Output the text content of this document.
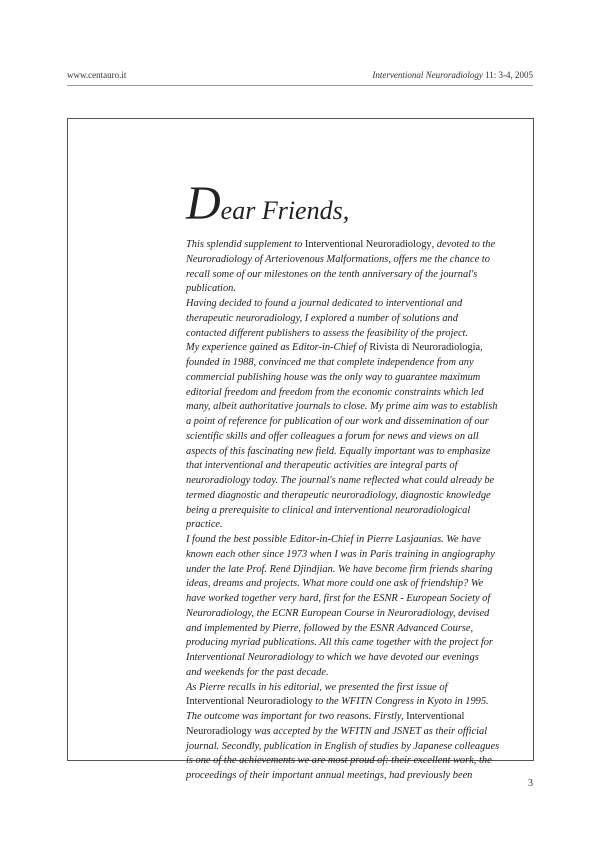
www.centauro.it	Interventional Neuroradiology 11: 3-4, 2005
Dear Friends,
This splendid supplement to Interventional Neuroradiology, devoted to the
Neuroradiology of Arteriovenous Malformations, offers me the chance to
recall some of our milestones on the tenth anniversary of the journal's
publication.
Having decided to found a journal dedicated to interventional and
therapeutic neuroradiology, I explored a number of solutions and
contacted different publishers to assess the feasibility of the project.
My experience gained as Editor-in-Chief of Rivista di Neuroradiologia,
founded in 1988, convinced me that complete independence from any
commercial publishing house was the only way to guarantee maximum
editorial freedom and freedom from the economic constraints which led
many, albeit authoritative journals to close. My prime aim was to establish
a point of reference for publication of our work and dissemination of our
scientific skills and offer colleagues a forum for news and views on all
aspects of this fascinating new field. Equally important was to emphasize
that interventional and therapeutic activities are integral parts of
neuroradiology today. The journal's name reflected what could already be
termed diagnostic and therapeutic neuroradiology, diagnostic knowledge
being a prerequisite to clinical and interventional neuroradiological
practice.
I found the best possible Editor-in-Chief in Pierre Lasjaunias. We have
known each other since 1973 when I was in Paris training in angiography
under the late Prof. René Djindjian. We have become firm friends sharing
ideas, dreams and projects. What more could one ask of friendship? We
have worked together very hard, first for the ESNR - European Society of
Neuroradiology, the ECNR European Course in Neuroradiology, devised
and implemented by Pierre, followed by the ESNR Advanced Course,
producing myriad publications. All this came together with the project for
Interventional Neuroradiology to which we have devoted our evenings
and weekends for the past decade.
As Pierre recalls in his editorial, we presented the first issue of
Interventional Neuroradiology to the WFITN Congress in Kyoto in 1995.
The outcome was important for two reasons. Firstly, Interventional
Neuroradiology was accepted by the WFITN and JSNET as their official
journal. Secondly, publication in English of studies by Japanese colleagues
is one of the achievements we are most proud of: their excellent work, the
proceedings of their important annual meetings, had previously been
3
